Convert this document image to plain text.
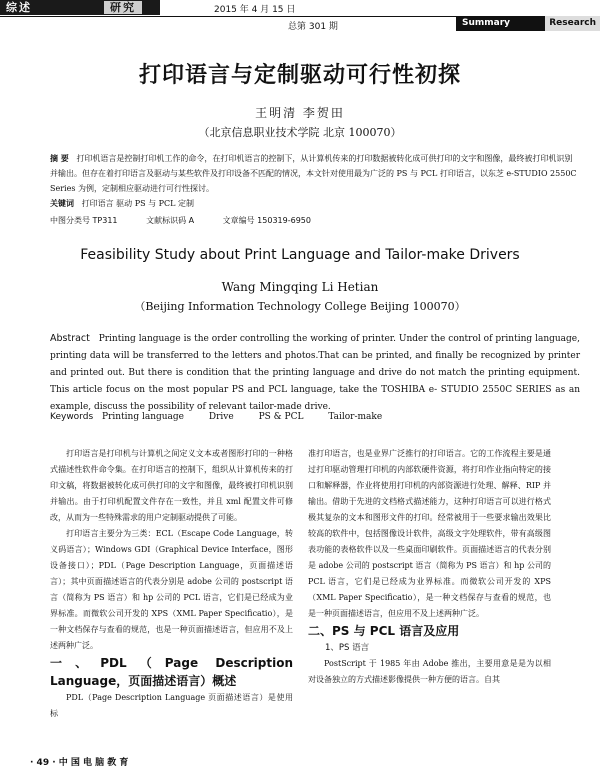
综述	研究	2015 年 4 月 15 日
总第 301 期	Summary	Research
打印语言与定制驱动可行性初探
王明清 李贺田
（北京信息职业技术学院 北京 100070）
摘 要 打印机语言是控制打印机工作的命令，在打印机语言的控制下，从计算机传来的打印数据被转化成可供打印的文字和图像，最终被打印机识别并输出。但存在着打印语言及驱动与某些软件及打印设备不匹配的情况，本文针对使用最为广泛的 PS 与 PCL 打印语言，以东芝 e-STUDIO 2550C Series 为例，定制相应驱动进行可行性探讨。
关键词 打印语言 驱动 PS 与 PCL 定制
中图分类号 TP311	文献标识码 A	文章编号 150319-6950
Feasibility Study about Print Language and Tailor-make Drivers
Wang Mingqing Li Hetian
（Beijing Information Technology College Beijing 100070）
Abstract Printing language is the order controlling the working of printer. Under the control of printing language, printing data will be transferred to the letters and photos.That can be printed, and finally be recognized by printer and printed out. But there is condition that the printing language and drive do not match the printing equipment. This article focus on the most popular PS and PCL language, take the TOSHIBA e- STUDIO 2550C SERIES as an example, discuss the possibility of relevant tailor-made drive.
Keywords Printing language	Drive	PS & PCL	Tailor-make

打印语言是打印机与计算机之间定义文本或者图形打印的一种格式描述性软件命令集。在打印语言的控制下，组织从计算机传来的打印文稿，将数据被转化成可供打印的文字和图像，最终被打印机识别并输出。由于打印机配置文件存在一致性，并且 xml 配置文件可修改，从而为一些特殊需求的用户定制驱动提供了可能。

打印语言主要分为三类：ECL（Escape Code Language，转义码语言）；Windows GDI（Graphical Device Interface，图形设备接口）；PDL（Page Description Language，页面描述语言）；其中页面描述语言的代表分别是 adobe 公司的 postscript 语言（简称为 PS 语言）和 hp 公司的 PCL 语言，它们是已经成为业界标准。而微软公司开发的 XPS（XML Paper Specificatio），是一种文档保存与查看的规范，也是一种页面描述语言，但应用不及上述两种广泛。

一、PDL（Page Description Language，页面描述语言）概述

PDL（Page Description Language 页面描述语言）是使用标

准打印语言，也是业界广泛推行的打印语言。它的工作流程主要是通过打印驱动管理打印机的内部软硬件资源，将打印作业指向特定的接口和解释器，作业将使用打印机的内部资源进行处理、解释、RIP 并输出。借助于先进的文档格式描述能力，这种打印语言可以进行格式极其复杂的文本和图形文件的打印。经常被用于一些要求输出效果比较高的软件中，包括图像设计软件，高级文字处理软件，带有高级图表功能的表格软件以及一些桌面印刷软件。页面描述语言的代表分别是 adobe 公司的 postscript 语言（简称为 PS 语言）和 hp 公司的 PCL 语言，它们是已经成为业界标准。而微软公司开发的 XPS（XML Paper Specificatio），是一种文档保存与查看的规范，也是一种页面描述语言，但应用不及上述两种广泛。

二、PS 与 PCL 语言及应用

1、PS 语言

PostScript 于 1985 年由 Adobe 推出，主要用意是是为以相对设备独立的方式描述影像提供一种方便的语言。自其

· 49 · 中 国 电 脑 教 育
